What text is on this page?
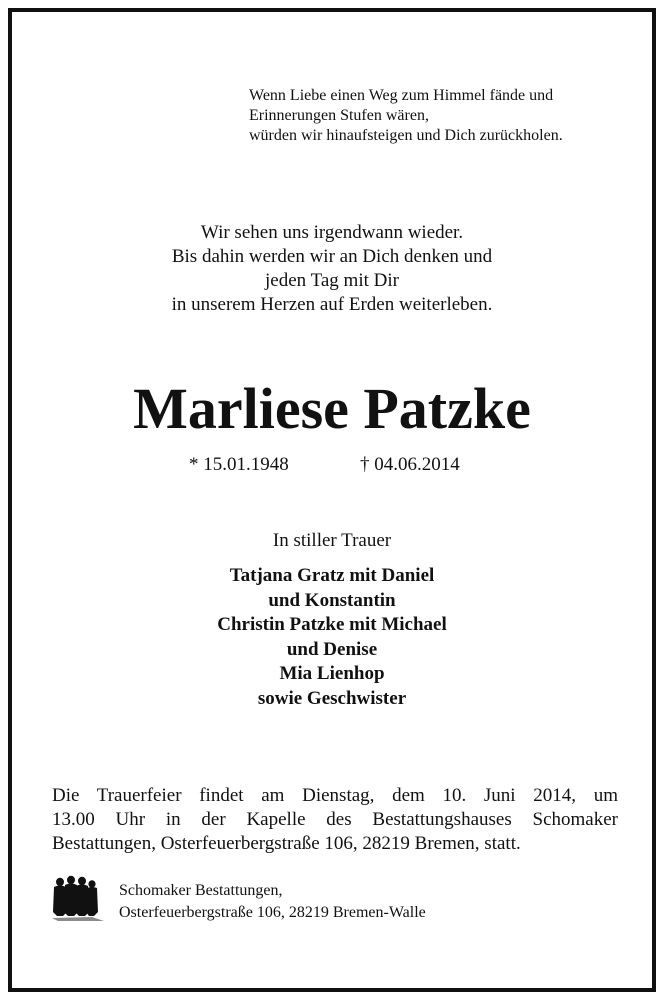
Wenn Liebe einen Weg zum Himmel fände und
Erinnerungen Stufen wären,
würden wir hinaufsteigen und Dich zurückholen.
Wir sehen uns irgendwann wieder.
Bis dahin werden wir an Dich denken und
jeden Tag mit Dir
in unserem Herzen auf Erden weiterleben.
Marliese Patzke
* 15.01.1948	† 04.06.2014
In stiller Trauer
Tatjana Gratz mit Daniel
und Konstantin
Christin Patzke mit Michael
und Denise
Mia Lienhop
sowie Geschwister
Die Trauerfeier findet am Dienstag, dem 10. Juni 2014, um
13.00 Uhr in der Kapelle des Bestattungshauses Schomaker
Bestattungen, Osterfeuerbergstraße 106, 28219 Bremen, statt.
Schomaker Bestattungen,
Osterfeuerbergstraße 106, 28219 Bremen-Walle
